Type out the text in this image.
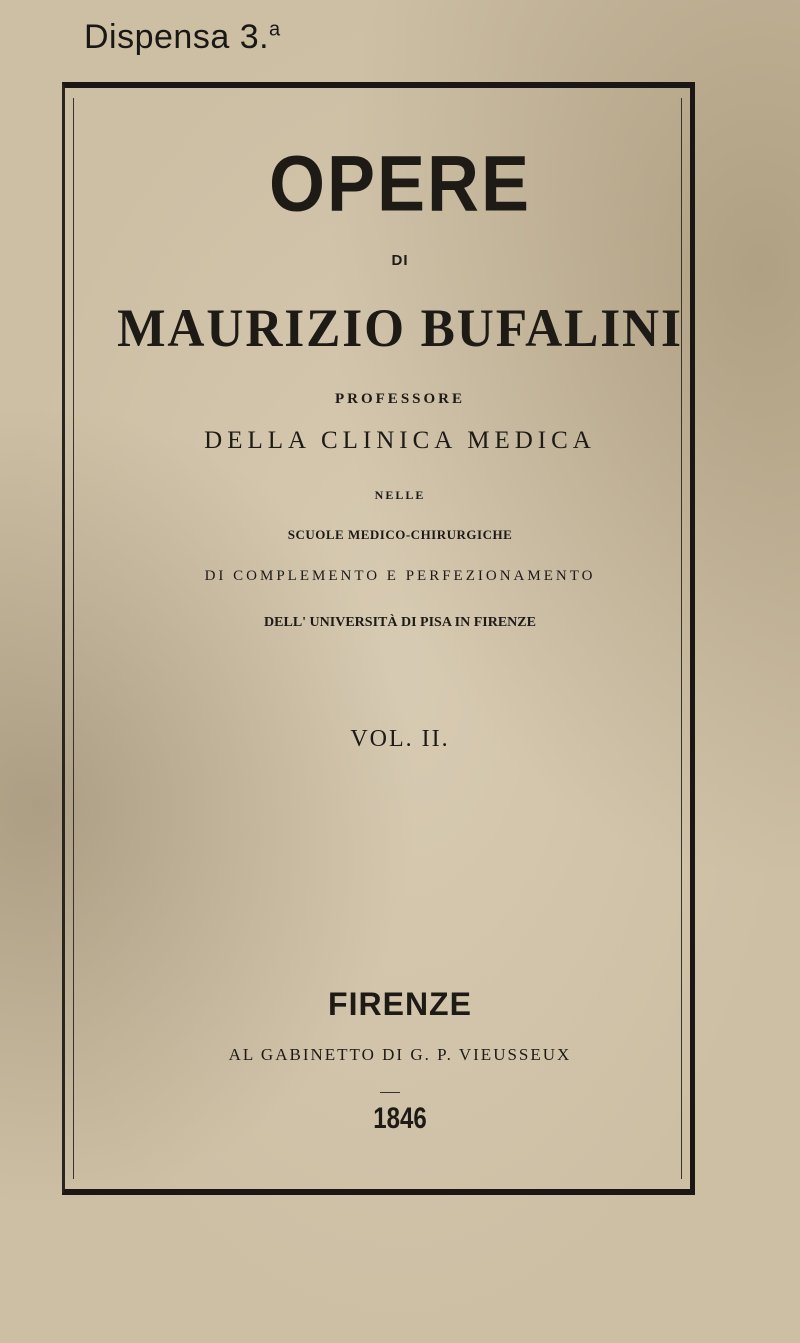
Dispensa 3.$^a$
OPERE
DI
MAURIZIO BUFALINI
PROFESSORE
DELLA CLINICA MEDICA
NELLE
SCUOLE MEDICO-CHIRURGICHE
DI COMPLEMENTO E PERFEZIONAMENTO
DELL' UNIVERSITÀ DI PISA IN FIRENZE
VOL. II.
FIRENZE
AL GABINETTO DI G. P. VIEUSSEUX
1846
